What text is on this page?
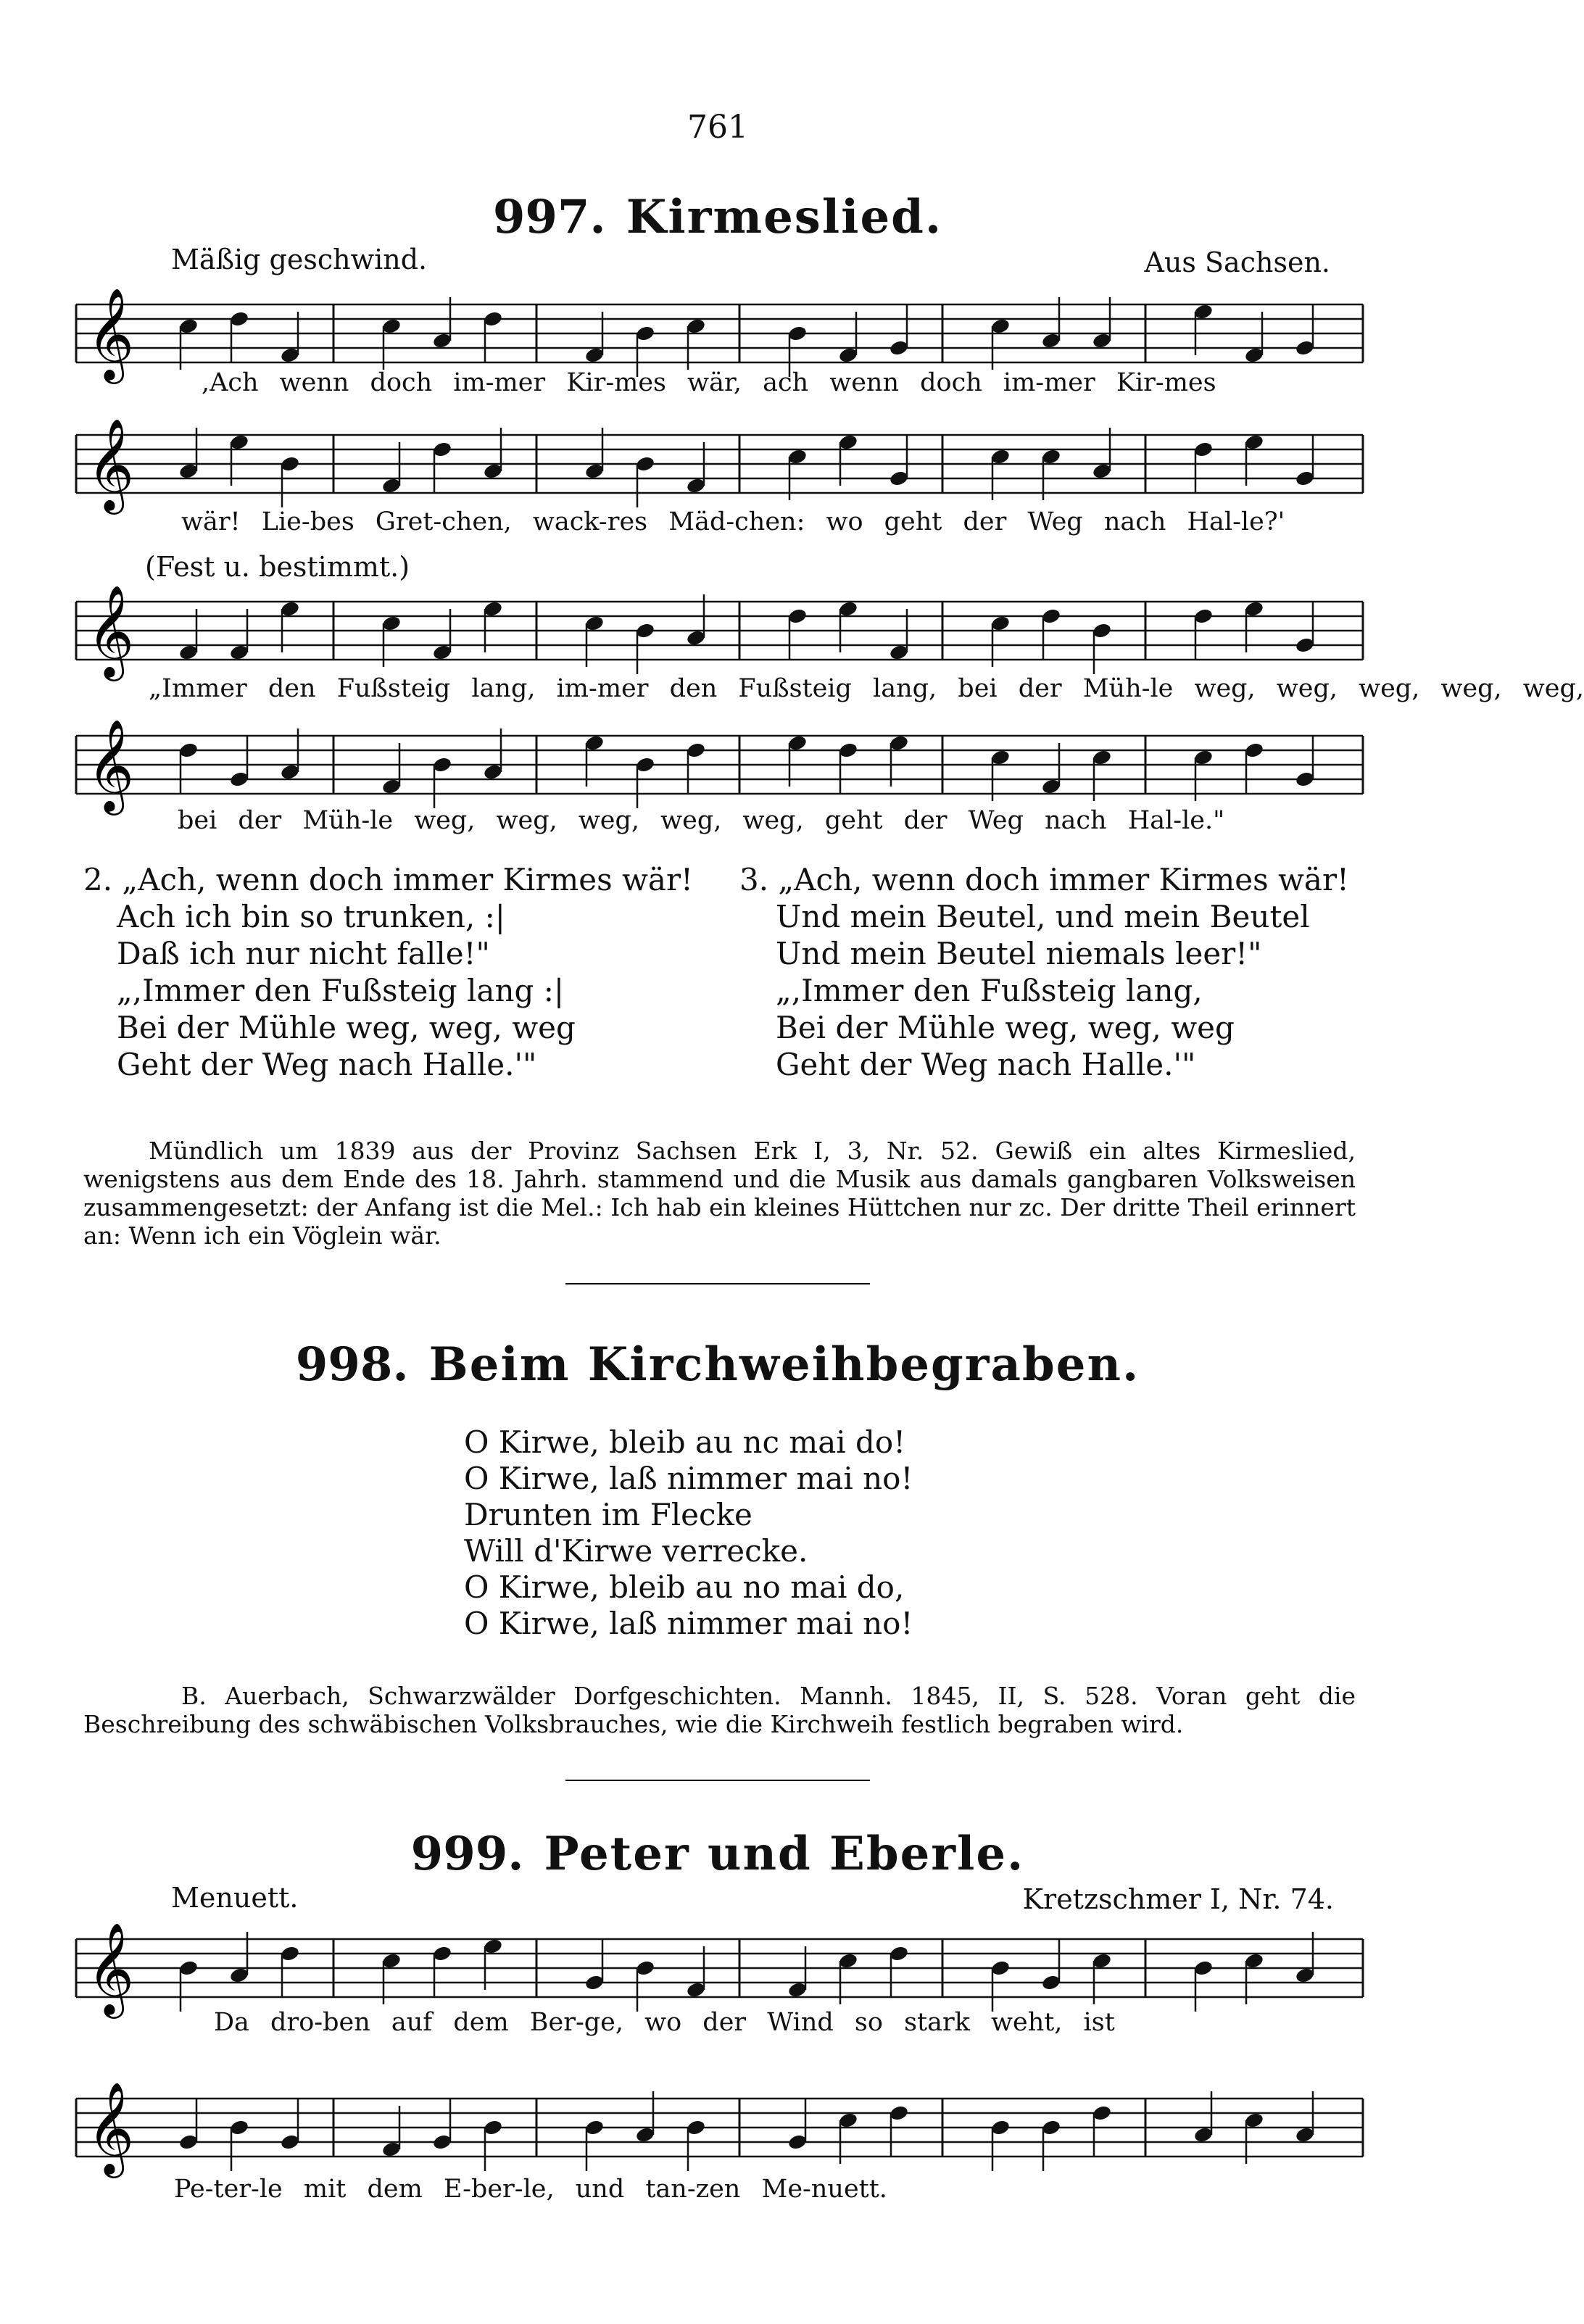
761
997. Kirmeslied.
Mäßig geschwind.	Aus Sachsen.
𝄞
,Ach wenn doch im-mer Kir-mes wär, ach wenn doch im-mer Kir-mes
𝄞
wär! Lie-bes Gret-chen, wack-res Mäd-chen: wo geht der Weg nach Hal-le?'
(Fest u. bestimmt.)
𝄞
„Immer den Fußsteig lang, im-mer den Fußsteig lang, bei der Müh-le weg, weg, weg, weg, weg,
𝄞
bei der Müh-le weg, weg, weg, weg, weg, geht der Weg nach Hal-le."
2. „Ach, wenn doch immer Kirmes wär!
Ach ich bin so trunken, :|
Daß ich nur nicht falle!"
„,Immer den Fußsteig lang :|
Bei der Mühle weg, weg, weg
Geht der Weg nach Halle.'"
3. „Ach, wenn doch immer Kirmes wär!
Und mein Beutel, und mein Beutel
Und mein Beutel niemals leer!"
„,Immer den Fußsteig lang,
Bei der Mühle weg, weg, weg
Geht der Weg nach Halle.'"
Mündlich um 1839 aus der Provinz Sachsen Erk I, 3, Nr. 52. Gewiß ein altes Kirmeslied, wenigstens aus dem Ende des 18. Jahrh. stammend und die Musik aus damals gangbaren Volksweisen zusammengesetzt: der Anfang ist die Mel.: Ich hab ein kleines Hüttchen nur zc. Der dritte Theil erinnert an: Wenn ich ein Vöglein wär.
998. Beim Kirchweihbegraben.
O Kirwe, bleib au nc mai do!
O Kirwe, laß nimmer mai no!
Drunten im Flecke
Will d'Kirwe verrecke.
O Kirwe, bleib au no mai do,
O Kirwe, laß nimmer mai no!
B. Auerbach, Schwarzwälder Dorfgeschichten. Mannh. 1845, II, S. 528. Voran geht die Beschreibung des schwäbischen Volksbrauches, wie die Kirchweih festlich begraben wird.
999. Peter und Eberle.
Menuett.	Kretzschmer I, Nr. 74.
𝄞
Da dro-ben auf dem Ber-ge, wo der Wind so stark weht, ist
𝄞
Pe-ter-le mit dem E-ber-le, und tan-zen Me-nuett.
